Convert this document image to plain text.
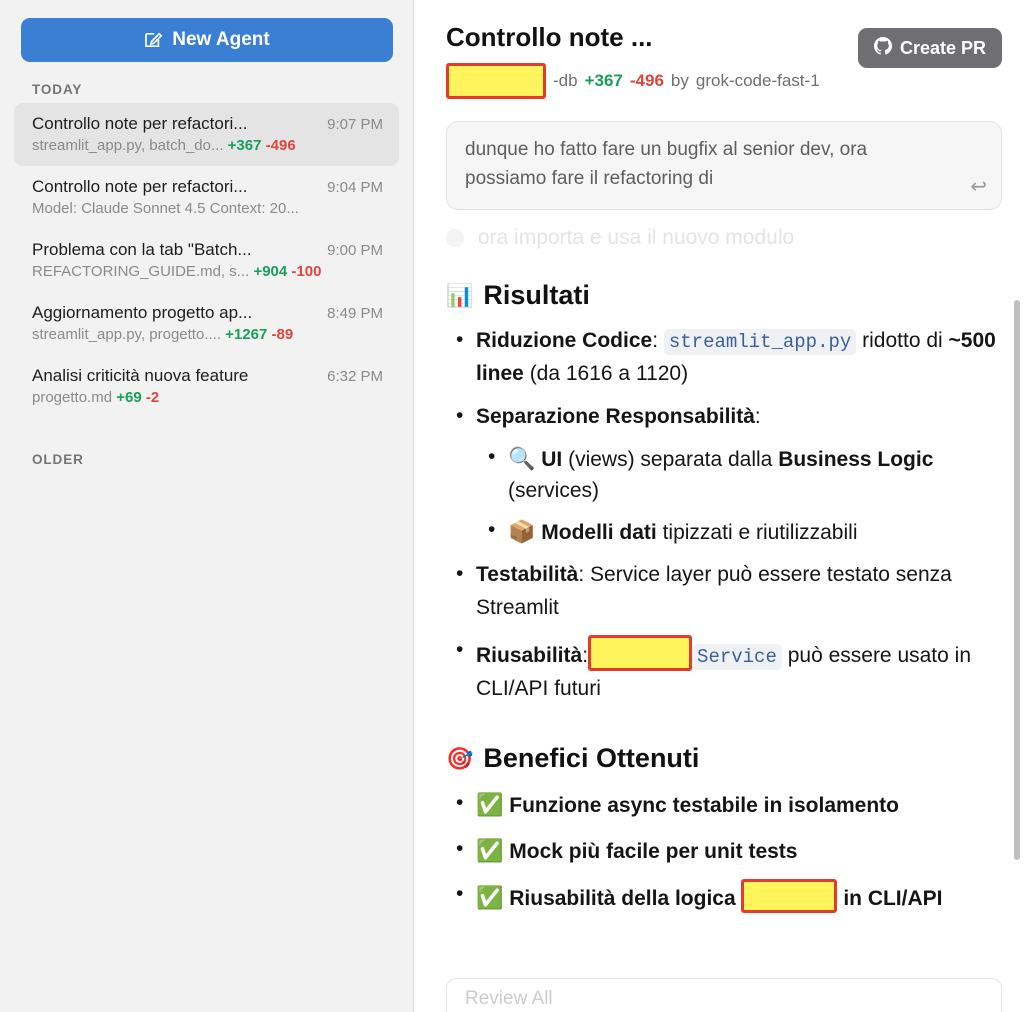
New Agent
TODAY
Controllo note per refactori...	9:07 PM
streamlit_app.py, batch_do... +367 -496
Controllo note per refactori...	9:04 PM
Model: Claude Sonnet 4.5 Context: 20...
Problema con la tab "Batch...	9:00 PM
REFACTORING_GUIDE.md, s... +904 -100
Aggiornamento progetto ap...	8:49 PM
streamlit_app.py, progetto.... +1267 -89
Analisi criticità nuova feature	6:32 PM
progetto.md +69 -2
OLDER
Controllo note ...
-db +367 -496 by grok-code-fast-1
Create PR
dunque ho fatto fare un bugfix al senior dev, ora possiamo fare il refactoring di	↩
ora importa e usa il nuovo modulo
📊 Risultati
• Riduzione Codice: streamlit_app.py ridotto di ~500 linee (da 1616 a 1120)
• Separazione Responsabilità:
• 🔍 UI (views) separata dalla Business Logic (services)
• 📦 Modelli dati tipizzati e riutilizzabili
• Testabilità: Service layer può essere testato senza Streamlit
• Riusabilità:	Service può essere usato in CLI/API futuri
🎯 Benefici Ottenuti
• ✅ Funzione async testabile in isolamento
• ✅ Mock più facile per unit tests
• ✅ Riusabilità della logica	in CLI/API
Review All
